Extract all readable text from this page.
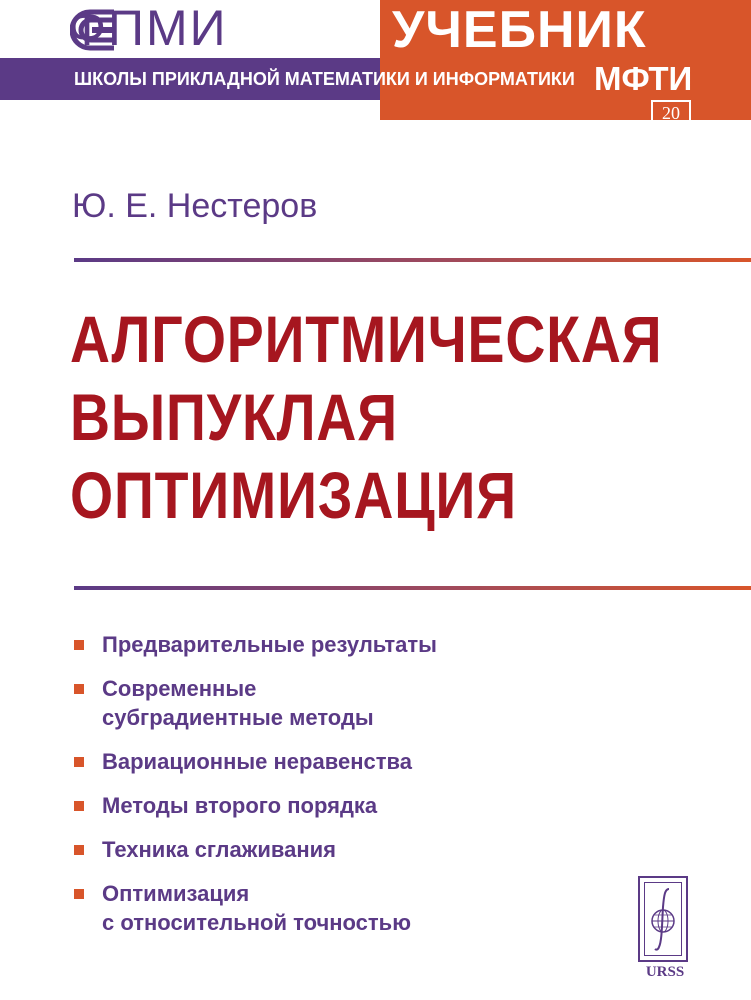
ФПМИ	УЧЕБНИК
ШКОЛЫ ПРИКЛАДНОЙ МАТЕМАТИКИ И ИНФОРМАТИКИ МФТИ
20
Ю. Е. Нестеров
АЛГОРИТМИЧЕСКАЯ
ВЫПУКЛАЯ
ОПТИМИЗАЦИЯ
Предварительные результаты
Современные
субградиентные методы
Вариационные неравенства
Методы второго порядка
Техника сглаживания
Оптимизация
с относительной точностью
URSS
